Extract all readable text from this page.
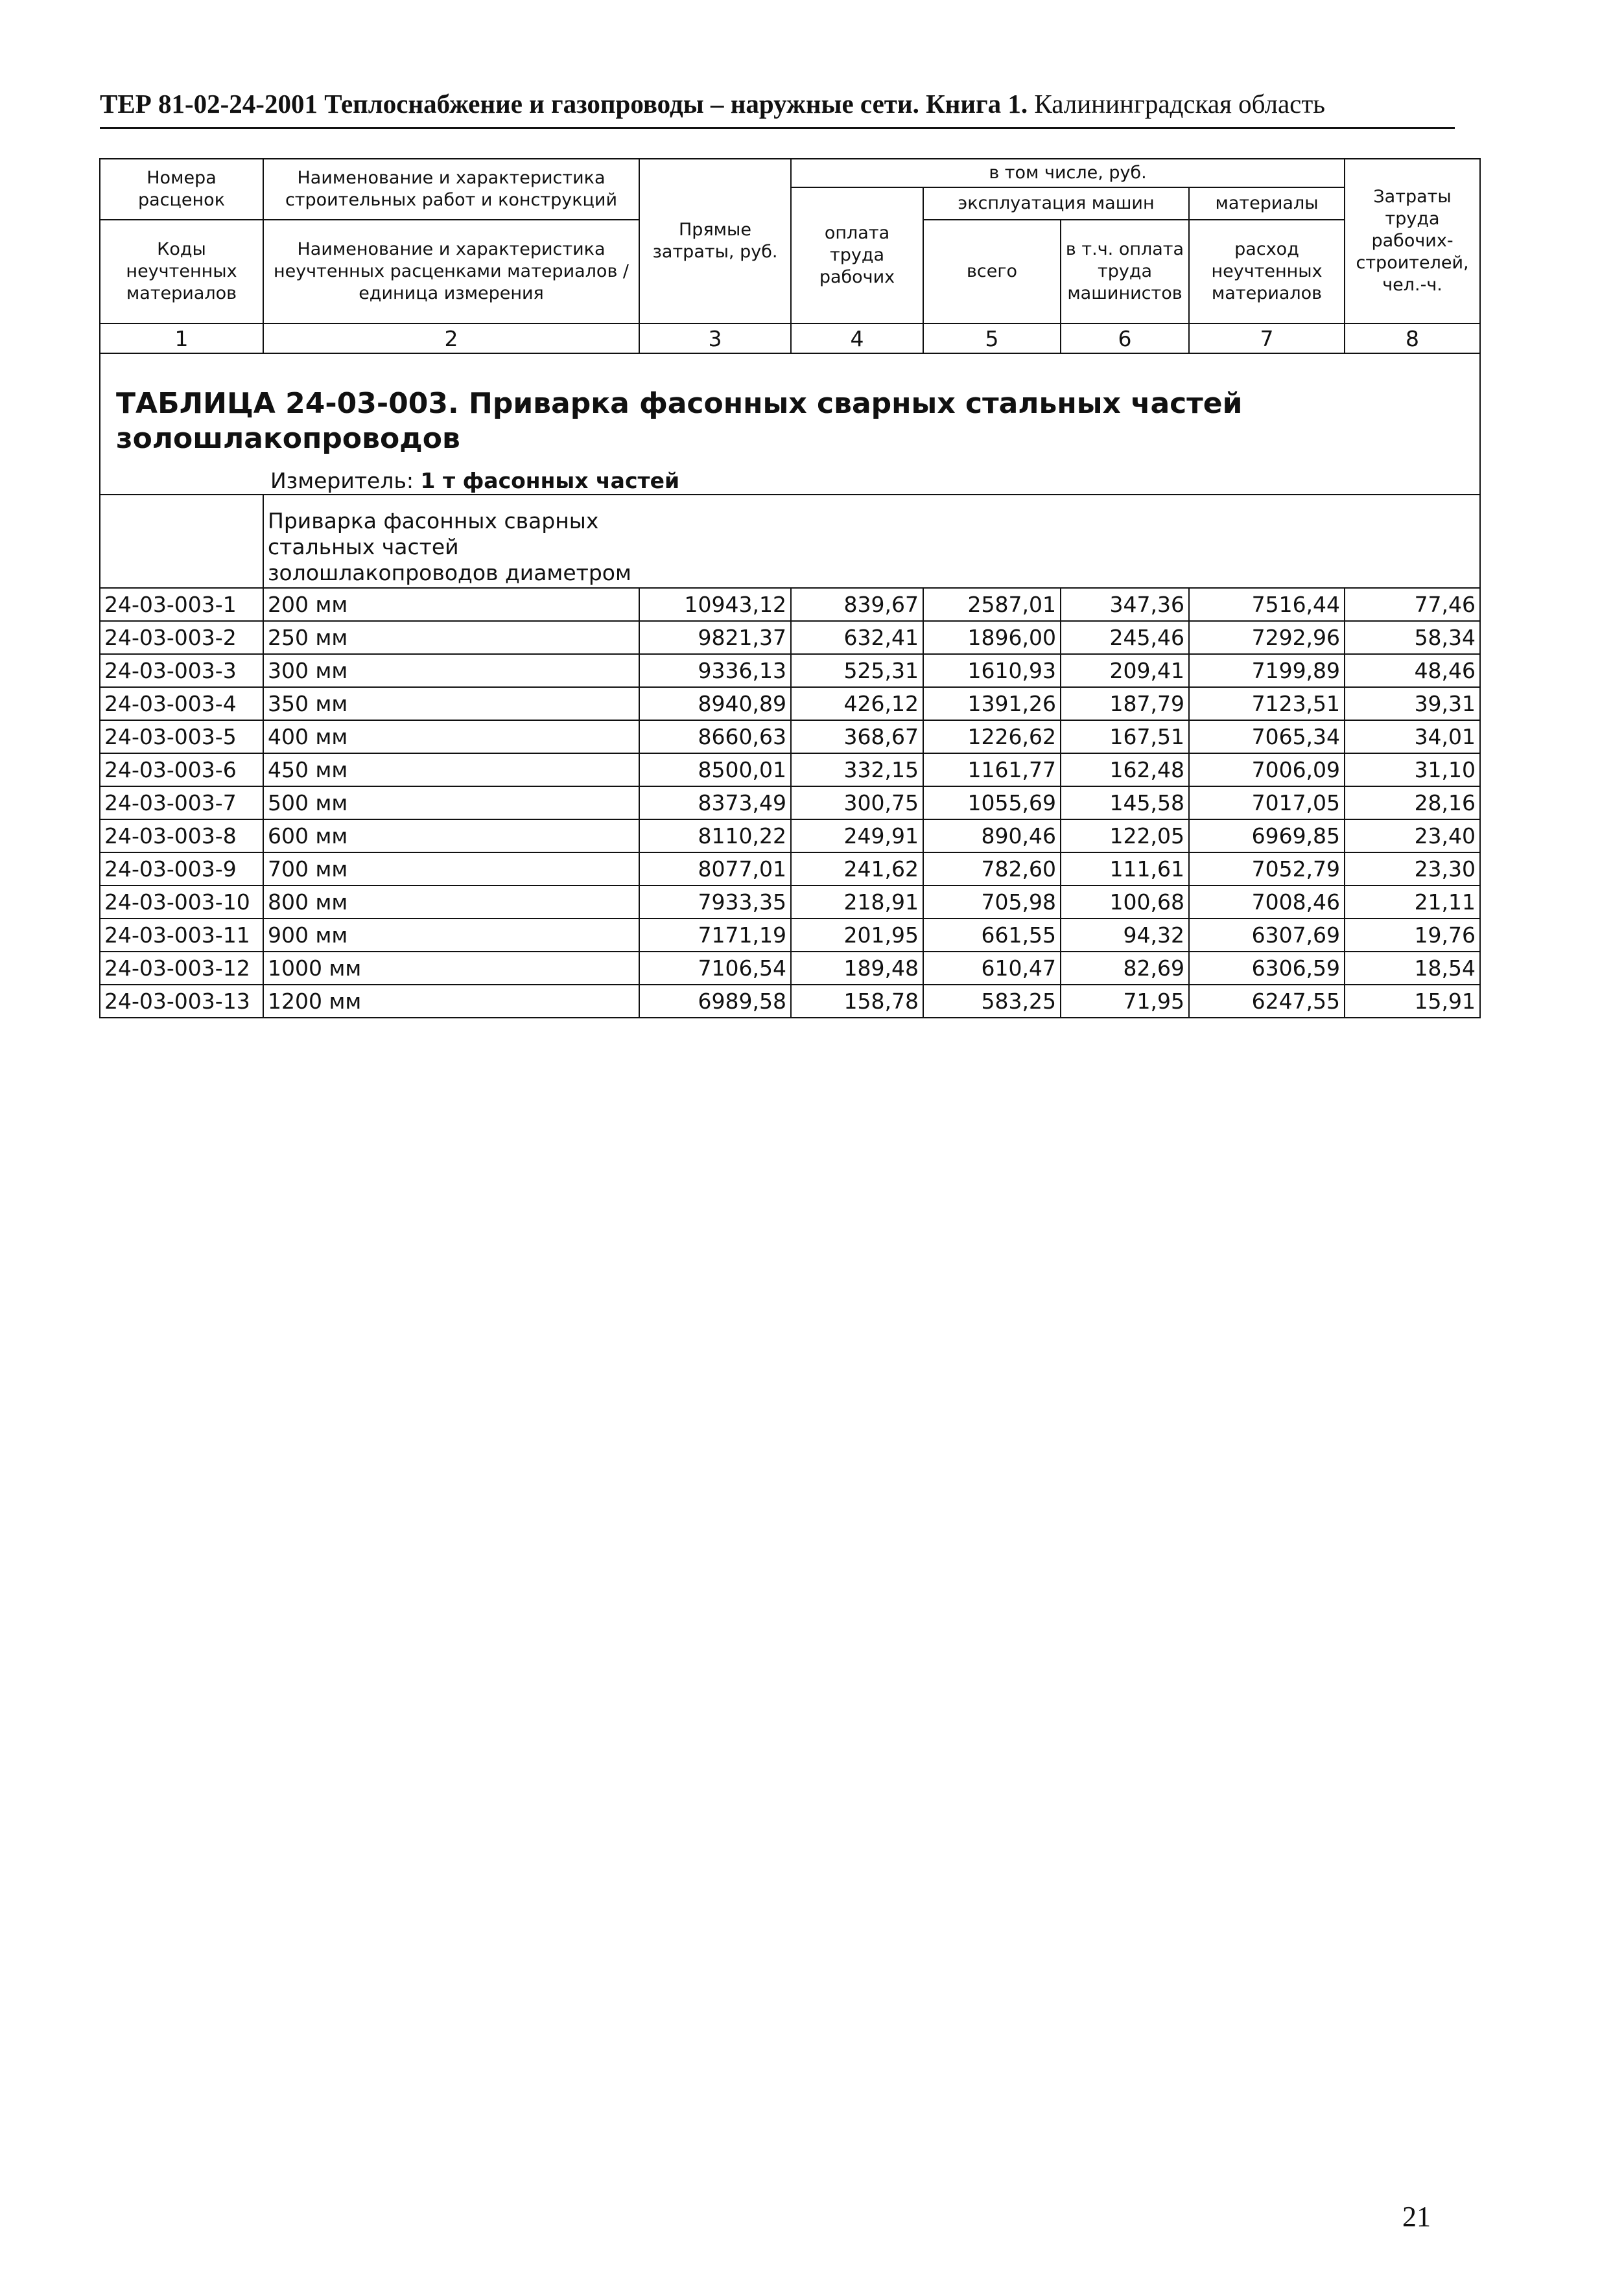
ТЕР 81-02-24-2001 Теплоснабжение и газопроводы – наружные сети. Книга 1. Калининградская область
Номера расценок	Наименование и характеристика строительных работ и конструкций	Прямые затраты, руб.	в том числе, руб.				Затраты труда рабочих-строителей, чел.-ч.
			оплата труда рабочих	эксплуатация машин		материалы	
Коды неучтенных материалов	Наименование и характеристика неучтенных расценками материалов / единица измерения			всего	в т.ч. оплата труда машинистов	расход неучтенных материалов	

1	2	3	4	5	6	7	8

ТАБЛИЦА 24-03-003. Приварка фасонных сварных стальных частей
золошлакопроводов
Измеритель: 1 т фасонных частей							

	Приварка фасонных сварных стальных частей золошлакопроводов диаметром						

24-03-003-1	200 мм	10943,12	839,67	2587,01	347,36	7516,44	77,46
24-03-003-2	250 мм	9821,37	632,41	1896,00	245,46	7292,96	58,34
24-03-003-3	300 мм	9336,13	525,31	1610,93	209,41	7199,89	48,46
24-03-003-4	350 мм	8940,89	426,12	1391,26	187,79	7123,51	39,31
24-03-003-5	400 мм	8660,63	368,67	1226,62	167,51	7065,34	34,01
24-03-003-6	450 мм	8500,01	332,15	1161,77	162,48	7006,09	31,10
24-03-003-7	500 мм	8373,49	300,75	1055,69	145,58	7017,05	28,16
24-03-003-8	600 мм	8110,22	249,91	890,46	122,05	6969,85	23,40
24-03-003-9	700 мм	8077,01	241,62	782,60	111,61	7052,79	23,30
24-03-003-10	800 мм	7933,35	218,91	705,98	100,68	7008,46	21,11
24-03-003-11	900 мм	7171,19	201,95	661,55	94,32	6307,69	19,76
24-03-003-12	1000 мм	7106,54	189,48	610,47	82,69	6306,59	18,54
24-03-003-13	1200 мм	6989,58	158,78	583,25	71,95	6247,55	15,91
21
